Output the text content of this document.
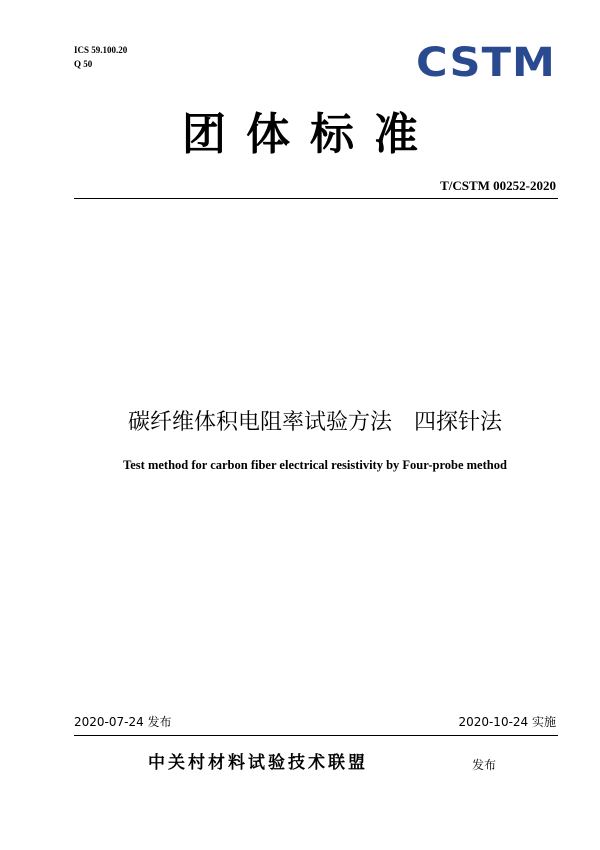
ICS 59.100.20
Q 50	CSTM
团体标准
T/CSTM 00252-2020
碳纤维体积电阻率试验方法　四探针法
Test method for carbon fiber electrical resistivity by Four-probe method
2020-07-24 发布	2020-10-24 实施
中关村材料试验技术联盟	发布
